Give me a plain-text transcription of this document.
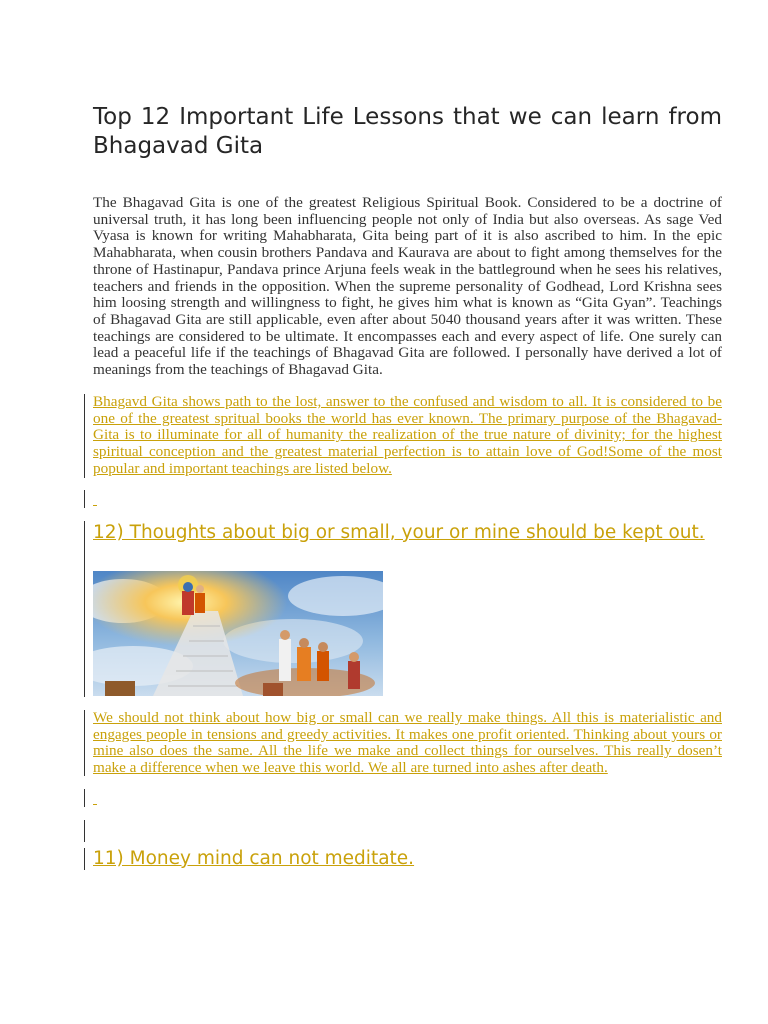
Top 12 Important Life Lessons that we can learn from Bhagavad Gita

The Bhagavad Gita is one of the greatest Religious Spiritual Book. Considered to be a doctrine of universal truth, it has long been influencing people not only of India but also overseas. As sage Ved Vyasa is known for writing Mahabharata, Gita being part of it is also ascribed to him. In the epic Mahabharata, when cousin brothers Pandava and Kaurava are about to fight among themselves for the throne of Hastinapur, Pandava prince Arjuna feels weak in the battleground when he sees his relatives, teachers and friends in the opposition. When the supreme personality of Godhead, Lord Krishna sees him loosing strength and willingness to fight, he gives him what is known as “Gita Gyan”. Teachings of Bhagavad Gita are still applicable, even after about 5040 thousand years after it was written. These teachings are considered to be ultimate. It encompasses each and every aspect of life. One surely can lead a peaceful life if the teachings of Bhagavad Gita are followed. I personally have derived a lot of meanings from the teachings of Bhagavad Gita.

Bhagavd Gita shows path to the lost, answer to the confused and wisdom to all. It is considered to be one of the greatest spritual books the world has ever known. The primary purpose of the Bhagavad-Gita is to illuminate for all of humanity the realization of the true nature of divinity; for the highest spiritual conception and the greatest material perfection is to attain love of God!Some of the most popular and important teachings are listed below.

12) Thoughts about big or small, your or mine should be kept out.

We should not think about how big or small can we really make things. All this is materialistic and engages people in tensions and greedy activities. It makes one profit oriented. Thinking about yours or mine also does the same. All the life we make and collect things for ourselves. This really dosen’t make a difference when we leave this world. We all are turned into ashes after death.

11) Money mind can not meditate.
